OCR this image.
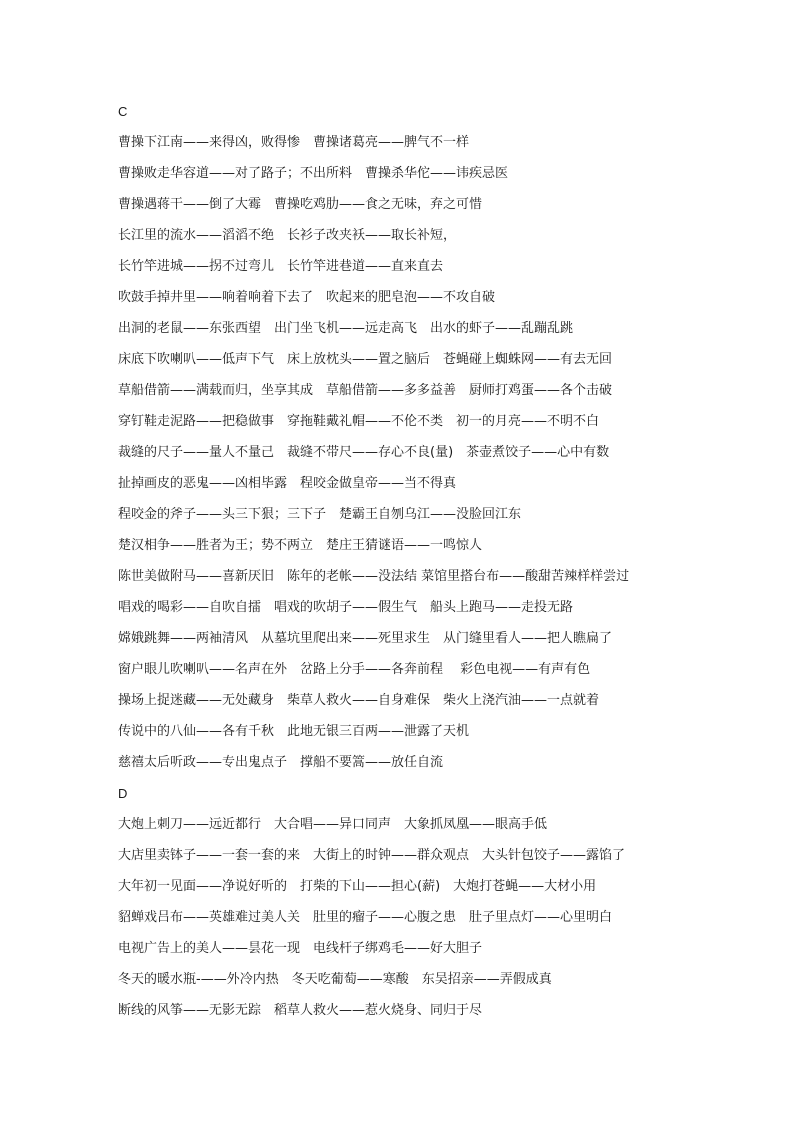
C
曹操下江南——来得凶，败得惨　曹操诸葛亮——脾气不一样
曹操败走华容道——对了路子；不出所料　曹操杀华佗——讳疾忌医
曹操遇蒋干——倒了大霉　曹操吃鸡肋——食之无味，弃之可惜
长江里的流水——滔滔不绝　长衫子改夹袄——取长补短，
长竹竿进城——拐不过弯儿　长竹竿进巷道——直来直去
吹鼓手掉井里——响着响着下去了　吹起来的肥皂泡——不攻自破
出洞的老鼠——东张西望　出门坐飞机——远走高飞　出水的虾子——乱蹦乱跳
床底下吹喇叭——低声下气　床上放枕头——置之脑后　苍蝇碰上蜘蛛网——有去无回
草船借箭——满载而归，坐享其成　草船借箭——多多益善　厨师打鸡蛋——各个击破
穿钉鞋走泥路——把稳做事　穿拖鞋戴礼帽——不伦不类　初一的月亮——不明不白
裁缝的尺子——量人不量己　裁缝不带尺——存心不良(量)　茶壶煮饺子——心中有数
扯掉画皮的恶鬼——凶相毕露　程咬金做皇帝——当不得真
程咬金的斧子——头三下狠；三下子　楚霸王自刎乌江——没脸回江东
楚汉相争——胜者为王；势不两立　楚庄王猜谜语——一鸣惊人
陈世美做附马——喜新厌旧　陈年的老帐——没法结 菜馆里搭台布——酸甜苦辣样样尝过
唱戏的喝彩——自吹自擂　唱戏的吹胡子——假生气　船头上跑马——走投无路
嫦娥跳舞——两袖清风　从墓坑里爬出来——死里求生　从门缝里看人——把人瞧扁了
窗户眼儿吹喇叭——名声在外　岔路上分手——各奔前程　 彩色电视——有声有色
操场上捉迷藏——无处藏身　柴草人救火——自身难保　柴火上浇汽油——一点就着
传说中的八仙——各有千秋　此地无银三百两——泄露了天机
慈禧太后听政——专出鬼点子　撑船不要篙——放任自流
D
大炮上刺刀——远近都行　大合唱——异口同声　大象抓凤凰——眼高手低
大店里卖钵子——一套一套的来　大街上的时钟——群众观点　大头针包饺子——露馅了
大年初一见面——净说好听的　打柴的下山——担心(薪)　大炮打苍蝇——大材小用
貂蝉戏吕布——英雄难过美人关　肚里的瘤子——心腹之患　肚子里点灯——心里明白
电视广告上的美人——昙花一现　电线杆子绑鸡毛——好大胆子
冬天的暖水瓶-——外冷内热　冬天吃葡萄——寒酸　东吴招亲——弄假成真
断线的风筝——无影无踪　稻草人救火——惹火烧身、同归于尽
